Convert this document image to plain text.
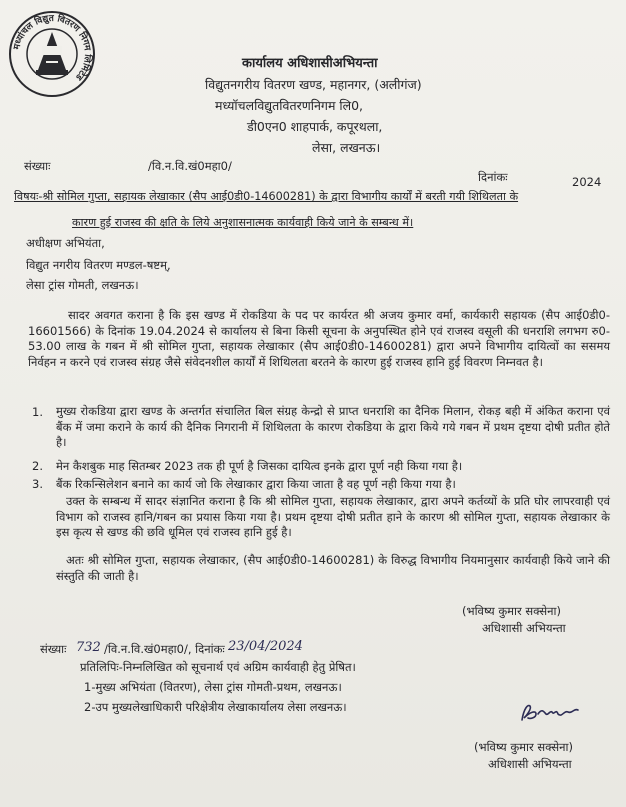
मध्यांचल विद्युत वितरण निगम लिमिटेड
कार्यालय अधिशासीअभियन्ता
विद्युतनगरीय वितरण खण्ड, महानगर, (अलीगंज)
मध्यॉचलविद्युतवितरणनिगम लि0,
डी0एन0 शाहपार्क, कपूरथला,
लेसा, लखनऊ।
संख्याः	/वि.न.वि.खं0महा0/
दिनांकः	2024
विषयः-श्री सोमिल गुप्ता, सहायक लेखाकार (सैप आई0डी0-14600281) के द्वारा विभागीय कार्यों में बरती गयी शिथिलता के
कारण हुई राजस्व की क्षति के लिये अनुशासनात्मक कार्यवाही किये जाने के सम्बन्ध में।
अधीक्षण अभियंता,
विद्युत नगरीय वितरण मण्डल-षष्टम्,
लेसा ट्रांस गोमती, लखनऊ।
सादर अवगत कराना है कि इस खण्ड में रोकडिया के पद पर कार्यरत श्री अजय कुमार वर्मा, कार्यकारी सहायक (सैप आई0डी0-16601566) के दिनांक 19.04.2024 से कार्यालय से बिना किसी सूचना के अनुपस्थित होने एवं राजस्व वसूली की धनराशि लगभग रु0-53.00 लाख के गबन में श्री सोमिल गुप्ता, सहायक लेखाकार (सैप आई0डी0-14600281) द्वारा अपने विभागीय दायित्वों का ससमय निर्वहन न करने एवं राजस्व संग्रह जैसे संवेदनशील कार्यों में शिथिलता बरतने के कारण हुई राजस्व हानि हुई विवरण निम्नवत है।
1. मुख्य रोकडिया द्वारा खण्ड के अन्तर्गत संचालित बिल संग्रह केन्द्रो से प्राप्त धनराशि का दैनिक मिलान, रोकड़ बही में अंकित कराना एवं बैंक में जमा कराने के कार्य की दैनिक निगरानी में शिथिलता के कारण रोकडिया के द्वारा किये गये गबन में प्रथम दृष्टया दोषी प्रतीत होते है।
2. मेन कैशबुक माह सितम्बर 2023 तक ही पूर्ण है जिसका दायित्व इनके द्वारा पूर्ण नही किया गया है।
3. बैंक रिकन्सिलेशन बनाने का कार्य जो कि लेखाकार द्वारा किया जाता है वह पूर्ण नही किया गया है।
उक्त के सम्बन्ध में सादर संज्ञानित कराना है कि श्री सोमिल गुप्ता, सहायक लेखाकार, द्वारा अपने कर्तव्यों के प्रति घोर लापरवाही एवं विभाग को राजस्व हानि/गबन का प्रयास किया गया है। प्रथम दृष्टया दोषी प्रतीत हाने के कारण श्री सोमिल गुप्ता, सहायक लेखाकार के इस कृत्य से खण्ड की छवि धूमिल एवं राजस्व हानि हुई है।
अतः श्री सोमिल गुप्ता, सहायक लेखाकार, (सैप आई0डी0-14600281) के विरुद्ध विभागीय नियमानुसार कार्यवाही किये जाने की संस्तुति की जाती है।
(भविष्य कुमार सक्सेना)
अधिशासी अभियन्ता
संख्याः 732 /वि.न.वि.खं0महा0/, दिनांकः 23/04/2024
प्रतिलिपिः-निम्नलिखित को सूचनार्थ एवं अग्रिम कार्यवाही हेतु प्रेषित।
1-मुख्य अभियंता (वितरण), लेसा ट्रांस गोमती-प्रथम, लखनऊ।
2-उप मुख्यलेखाधिकारी परिक्षेत्रीय लेखाकार्यालय लेसा लखनऊ।
(भविष्य कुमार सक्सेना)
अधिशासी अभियन्ता
